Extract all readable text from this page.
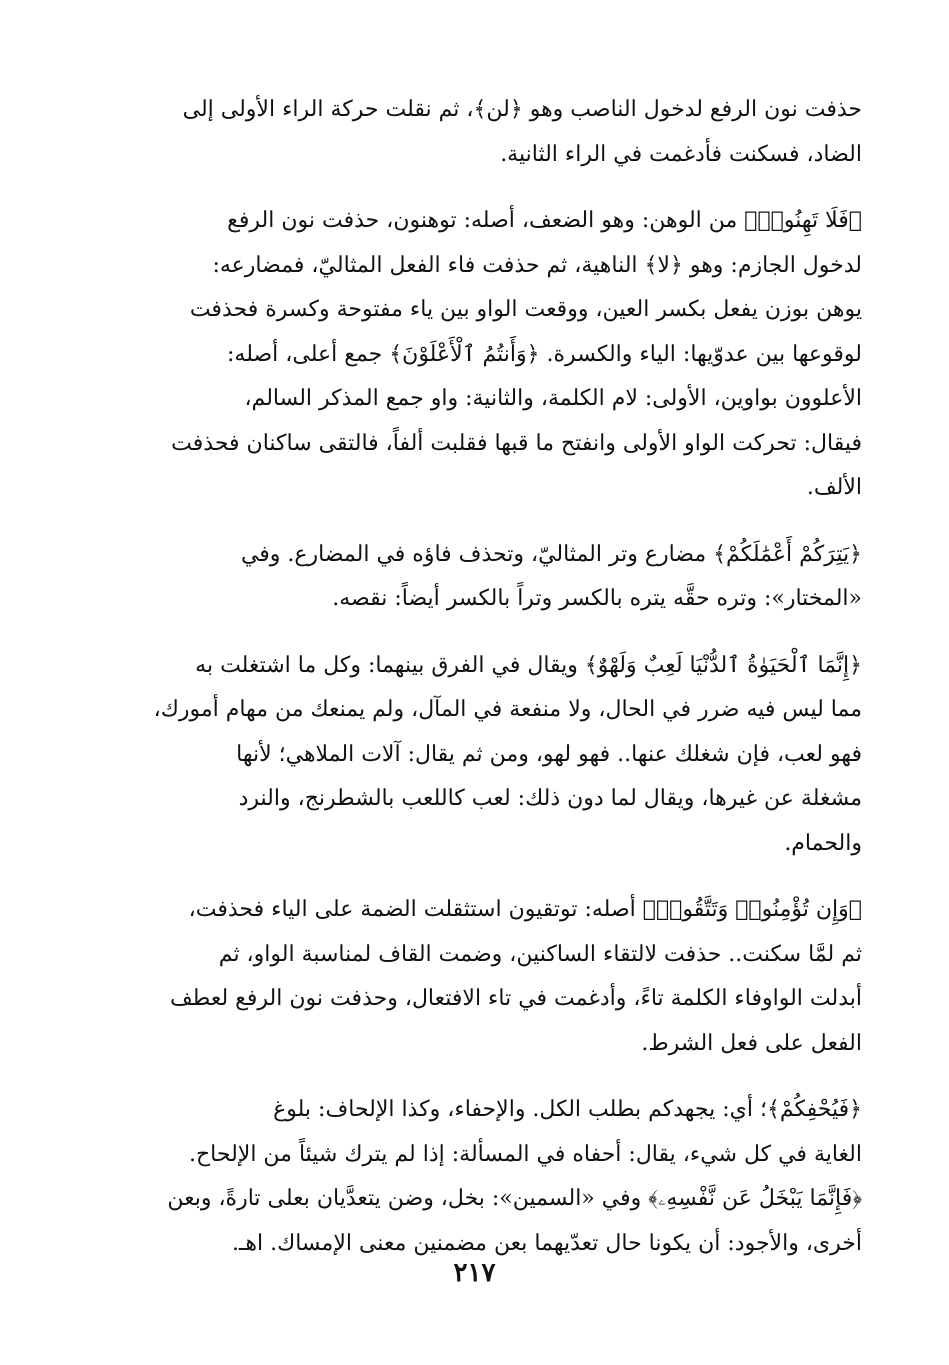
حذفت نون الرفع لدخول الناصب وهو ﴿لن﴾، ثم نقلت حركة الراء الأولى إلى
الضاد، فسكنت فأدغمت في الراء الثانية.
﴿فَلَا تَهِنُوا۟﴾ من الوهن: وهو الضعف، أصله: توهنون، حذفت نون الرفع
لدخول الجازم: وهو ﴿لا﴾ الناهية، ثم حذفت فاء الفعل المثاليّ، فمضارعه:
يوهن بوزن يفعل بكسر العين، ووقعت الواو بين ياء مفتوحة وكسرة فحذفت
لوقوعها بين عدوّيها: الياء والكسرة. ﴿وَأَنتُمُ ٱلْأَعْلَوْنَ﴾ جمع أعلى، أصله:
الأعلوون بواوين، الأولى: لام الكلمة، والثانية: واو جمع المذكر السالم،
فيقال: تحركت الواو الأولى وانفتح ما قبها فقلبت ألفاً، فالتقى ساكنان فحذفت
الألف.
﴿يَتِرَكُمْ أَعْمَٰلَكُمْ﴾ مضارع وتر المثاليّ، وتحذف فاؤه في المضارع. وفي
«المختار»: وتره حقَّه يتره بالكسر وتراً بالكسر أيضاً: نقصه.
﴿إِنَّمَا ٱلْحَيَوٰةُ ٱلدُّنْيَا لَعِبٌ وَلَهْوٌ﴾ ويقال في الفرق بينهما: وكل ما اشتغلت به
مما ليس فيه ضرر في الحال، ولا منفعة في المآل، ولم يمنعك من مهام أمورك،
فهو لعب، فإن شغلك عنها.. فهو لهو، ومن ثم يقال: آلات الملاهي؛ لأنها
مشغلة عن غيرها، ويقال لما دون ذلك: لعب كاللعب بالشطرنج، والنرد
والحمام.
﴿وَإِن تُؤْمِنُوا۟ وَتَتَّقُوا۟﴾ أصله: توتقيون استثقلت الضمة على الياء فحذفت،
ثم لمَّا سكنت.. حذفت لالتقاء الساكنين، وضمت القاف لمناسبة الواو، ثم
أبدلت الواوفاء الكلمة تاءً، وأدغمت في تاء الافتعال، وحذفت نون الرفع لعطف
الفعل على فعل الشرط.
﴿فَيُحْفِكُمْ﴾؛ أي: يجهدكم بطلب الكل. والإحفاء، وكذا الإلحاف: بلوغ
الغاية في كل شيء، يقال: أحفاه في المسألة: إذا لم يترك شيئاً من الإلحاح.
﴿فَإِنَّمَا يَبْخَلُ عَن نَّفْسِهِۦ﴾ وفي «السمين»: بخل، وضن يتعدَّيان بعلى تارةً، وبعن
أخرى، والأجود: أن يكونا حال تعدّيهما بعن مضمنين معنى الإمساك. اهـ.
٢١٧
